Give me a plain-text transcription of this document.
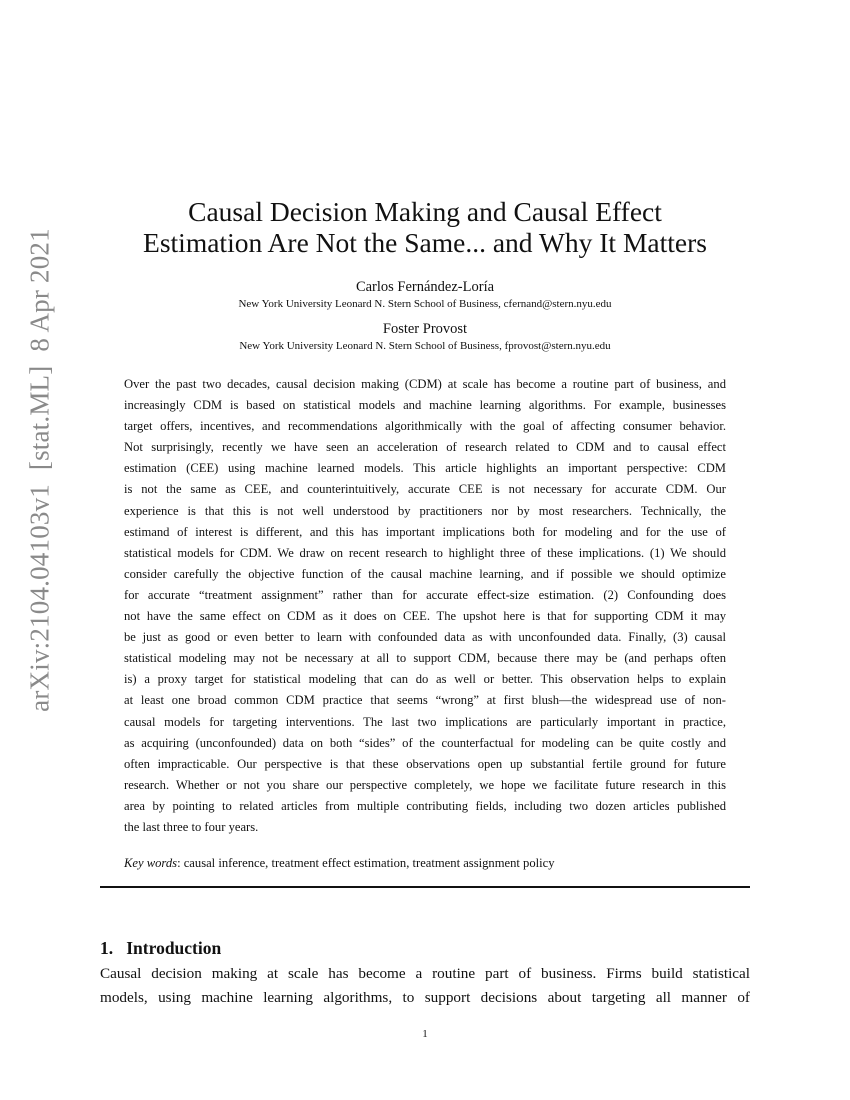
arXiv:2104.04103v1  [stat.ML]  8 Apr 2021
Causal Decision Making and Causal Effect
Estimation Are Not the Same... and Why It Matters
Carlos Fernández-Loría
New York University Leonard N. Stern School of Business, cfernand@stern.nyu.edu
Foster Provost
New York University Leonard N. Stern School of Business, fprovost@stern.nyu.edu
Over the past two decades, causal decision making (CDM) at scale has become a routine part of business, and
increasingly CDM is based on statistical models and machine learning algorithms. For example, businesses
target offers, incentives, and recommendations algorithmically with the goal of affecting consumer behavior.
Not surprisingly, recently we have seen an acceleration of research related to CDM and to causal effect
estimation (CEE) using machine learned models. This article highlights an important perspective: CDM
is not the same as CEE, and counterintuitively, accurate CEE is not necessary for accurate CDM. Our
experience is that this is not well understood by practitioners nor by most researchers. Technically, the
estimand of interest is different, and this has important implications both for modeling and for the use of
statistical models for CDM. We draw on recent research to highlight three of these implications. (1) We should
consider carefully the objective function of the causal machine learning, and if possible we should optimize
for accurate “treatment assignment” rather than for accurate effect-size estimation. (2) Confounding does
not have the same effect on CDM as it does on CEE. The upshot here is that for supporting CDM it may
be just as good or even better to learn with confounded data as with unconfounded data. Finally, (3) causal
statistical modeling may not be necessary at all to support CDM, because there may be (and perhaps often
is) a proxy target for statistical modeling that can do as well or better. This observation helps to explain
at least one broad common CDM practice that seems “wrong” at first blush—the widespread use of non-
causal models for targeting interventions. The last two implications are particularly important in practice,
as acquiring (unconfounded) data on both “sides” of the counterfactual for modeling can be quite costly and
often impracticable. Our perspective is that these observations open up substantial fertile ground for future
research. Whether or not you share our perspective completely, we hope we facilitate future research in this
area by pointing to related articles from multiple contributing fields, including two dozen articles published
the last three to four years.
Key words: causal inference, treatment effect estimation, treatment assignment policy
1.   Introduction
Causal decision making at scale has become a routine part of business. Firms build statistical
models, using machine learning algorithms, to support decisions about targeting all manner of
1
